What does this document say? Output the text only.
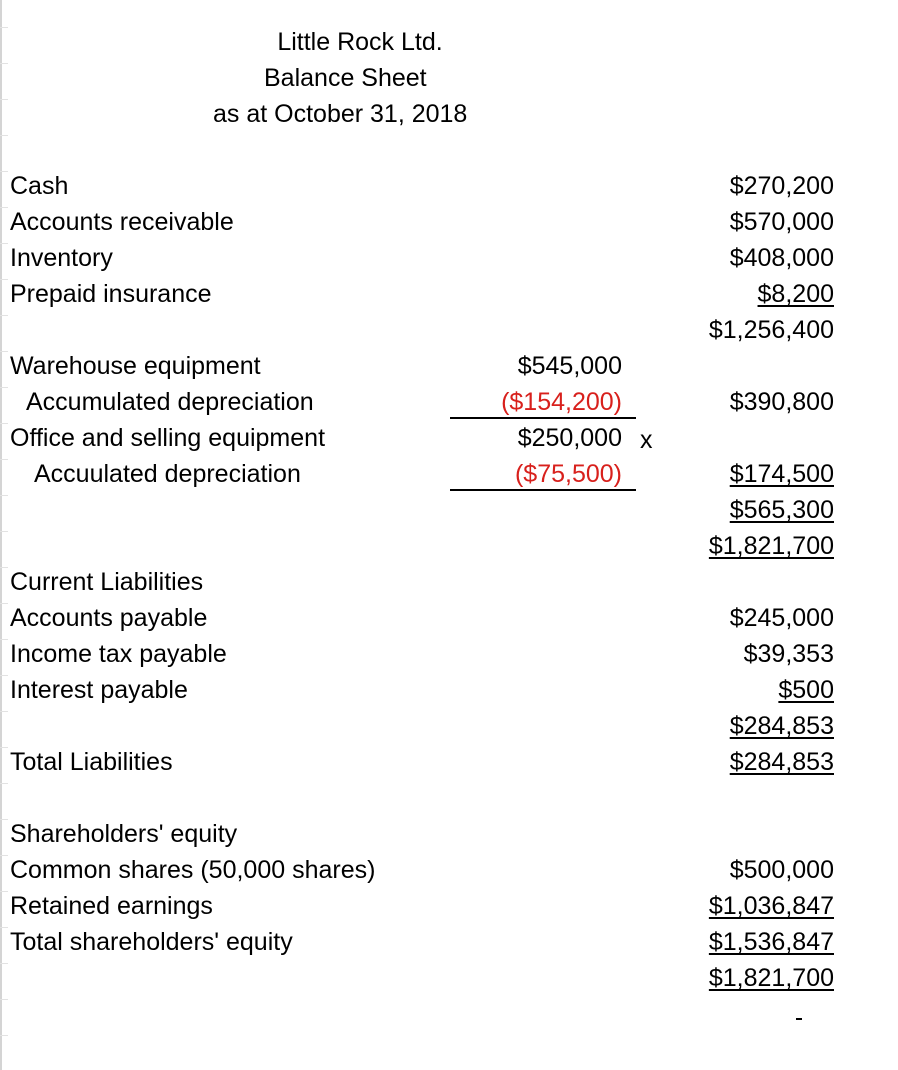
Little Rock Ltd.
Balance Sheet
as at October 31, 2018
Cash	$270,200
Accounts receivable	$570,000
Inventory	$408,000
Prepaid insurance	$8,200
$1,256,400
Warehouse equipment	$545,000
Accumulated depreciation	($154,200)	$390,800
Office and selling equipment	$250,000 x
Accuulated depreciation	($75,500)	$174,500
$565,300
$1,821,700
Current Liabilities
Accounts payable	$245,000
Income tax payable	$39,353
Interest payable	$500
$284,853
Total Liabilities	$284,853
Shareholders' equity
Common shares (50,000 shares)	$500,000
Retained earnings	$1,036,847
Total shareholders' equity	$1,536,847
$1,821,700
